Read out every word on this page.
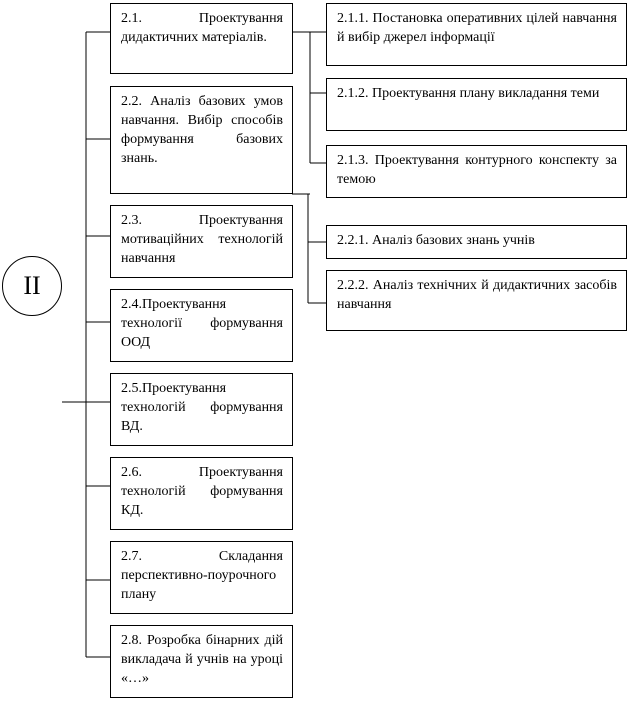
II
2.1. Проектування дидактичних матеріалів.
2.2. Аналіз базових умов навчання. Вибір способів формування базових знань.
2.3. Проектування мотиваційних технологій навчання
2.4.Проектування технології формування ООД
2.5.Проектування технологій формування ВД.
2.6. Проектування технологій формування КД.
2.7. Складання перспективно-поурочного плану
2.8. Розробка бінарних дій викладача й учнів на уроці «…»
2.1.1. Постановка оперативних цілей навчання й вибір джерел інформації
2.1.2. Проектування плану викладання теми
2.1.3. Проектування контурного конспекту за темою
2.2.1. Аналіз базових знань учнів
2.2.2. Аналіз технічних й дидактичних засобів навчання
